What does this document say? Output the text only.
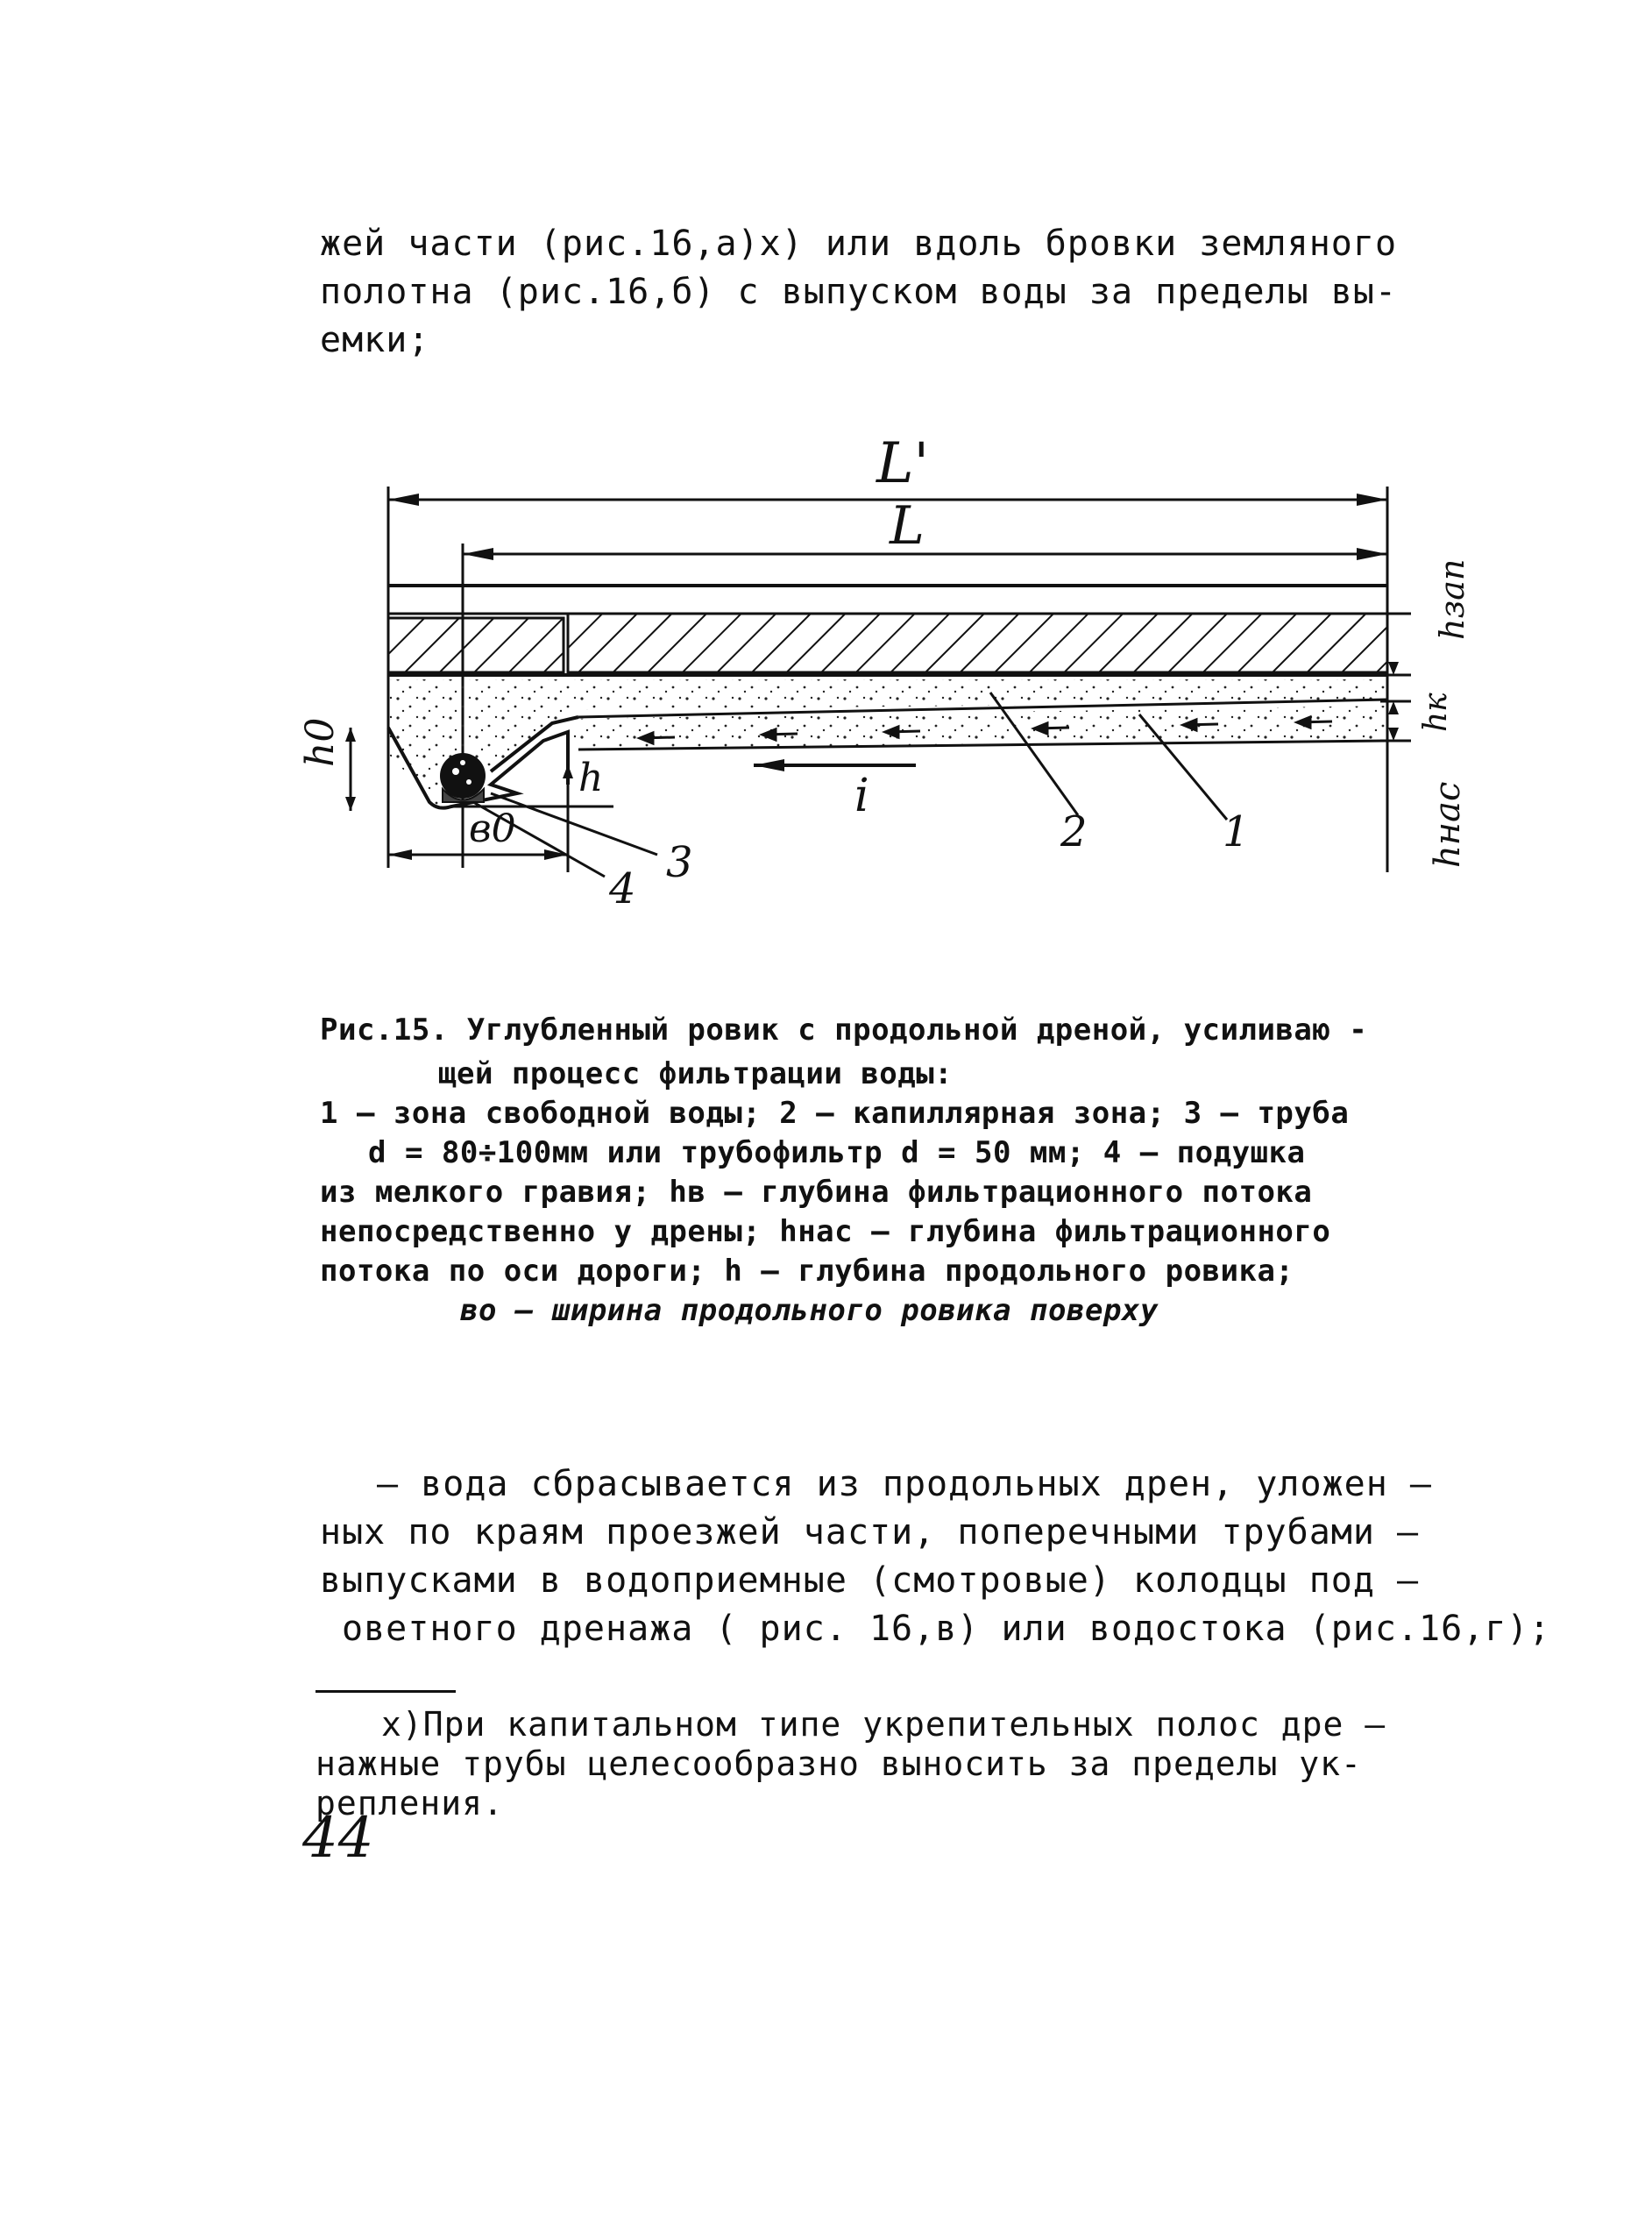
жей части (рис.16,а)x) или вдоль бровки земляного
полотна (рис.16,б) с выпуском воды за пределы вы-
емки;
L'
L
h
h0
в0
i
1
2
3
4
hзап
hк
hнас
Рис.15. Углубленный ровик с продольной дреной, усиливаю -
щей процесс фильтрации воды:
1 – зона свободной воды; 2 – капиллярная зона; 3 – труба
d = 80÷100мм или трубофильтр d = 50 мм; 4 – подушка
из мелкого гравия; hв – глубина фильтрационного потока
непосредственно у дрены; hнас – глубина фильтрационного
потока по оси дороги; h – глубина продольного ровика;
во – ширина продольного ровика поверху
– вода сбрасывается из продольных дрен, уложен –
ных по краям проезжей части, поперечными трубами –
выпусками в водоприемные (смотровые) колодцы под –
оветного дренажа ( рис. 16,в) или водостока (рис.16,г);
x)При капитальном типе укрепительных полос дре –
нажные трубы целесообразно выносить за пределы ук-
репления.
44
